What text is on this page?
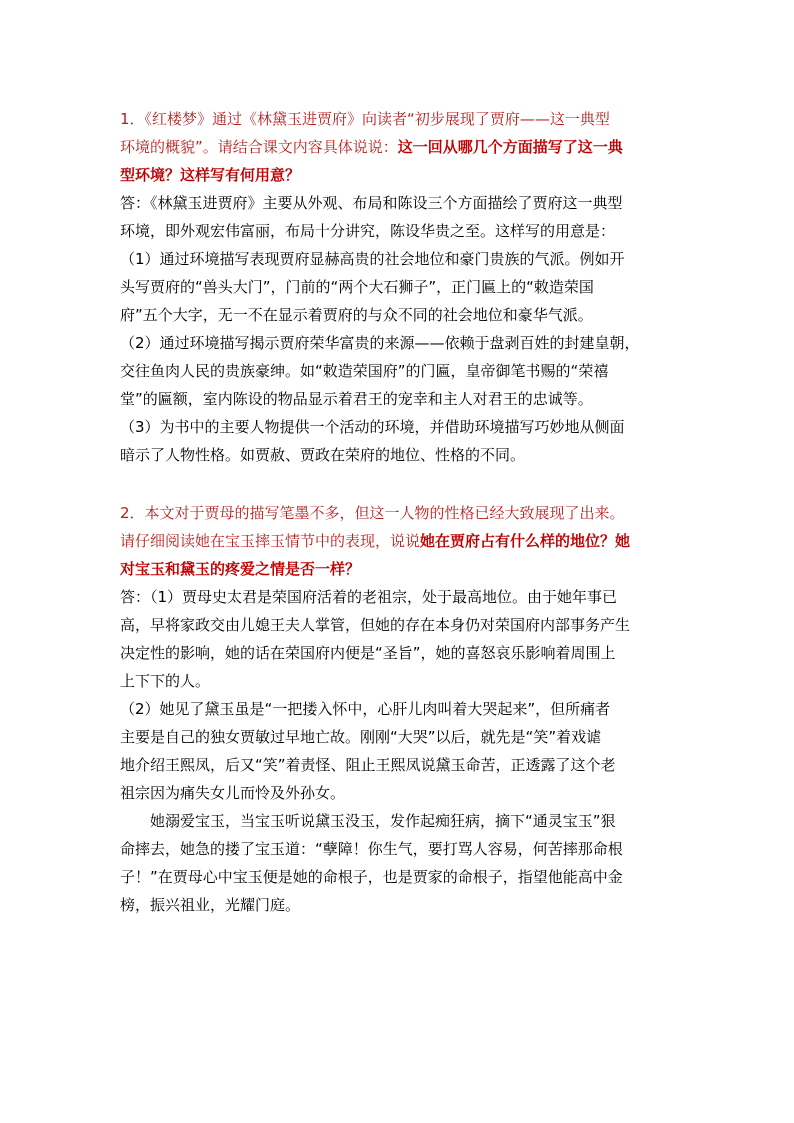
1．《红楼梦》通过《林黛玉进贾府》向读者“初步展现了贾府——这一典型
环境的概貌”。请结合课文内容具体说说：这一回从哪几个方面描写了这一典
型环境？这样写有何用意？
答：《林黛玉进贾府》主要从外观、布局和陈设三个方面描绘了贾府这一典型
环境，即外观宏伟富丽，布局十分讲究，陈设华贵之至。这样写的用意是：
（1）通过环境描写表现贾府显赫高贵的社会地位和豪门贵族的气派。例如开
头写贾府的“兽头大门”，门前的“两个大石狮子”，正门匾上的“敕造荣国
府”五个大字，无一不在显示着贾府的与众不同的社会地位和豪华气派。
（2）通过环境描写揭示贾府荣华富贵的来源——依赖于盘剥百姓的封建皇朝，
交往鱼肉人民的贵族豪绅。如“敕造荣国府”的门匾，皇帝御笔书赐的“荣禧
堂”的匾额，室内陈设的物品显示着君王的宠幸和主人对君王的忠诚等。
（3）为书中的主要人物提供一个活动的环境，并借助环境描写巧妙地从侧面
暗示了人物性格。如贾赦、贾政在荣府的地位、性格的不同。
2．本文对于贾母的描写笔墨不多，但这一人物的性格已经大致展现了出来。
请仔细阅读她在宝玉摔玉情节中的表现，说说她在贾府占有什么样的地位？她
对宝玉和黛玉的疼爱之情是否一样？
答：（1）贾母史太君是荣国府活着的老祖宗，处于最高地位。由于她年事已
高，早将家政交由儿媳王夫人掌管，但她的存在本身仍对荣国府内部事务产生
决定性的影响，她的话在荣国府内便是“圣旨”，她的喜怒哀乐影响着周围上
上下下的人。
（2）她见了黛玉虽是“一把搂入怀中，心肝儿肉叫着大哭起来”，但所痛者
主要是自己的独女贾敏过早地亡故。刚刚“大哭”以后，就先是“笑”着戏谑
地介绍王熙凤，后又“笑”着责怪、阻止王熙凤说黛玉命苦，正透露了这个老
祖宗因为痛失女儿而怜及外孙女。
她溺爱宝玉，当宝玉听说黛玉没玉，发作起痴狂病，摘下“通灵宝玉”狠
命摔去，她急的搂了宝玉道：“孽障！你生气，要打骂人容易，何苦摔那命根
子！”在贾母心中宝玉便是她的命根子，也是贾家的命根子，指望他能高中金
榜，振兴祖业，光耀门庭。
